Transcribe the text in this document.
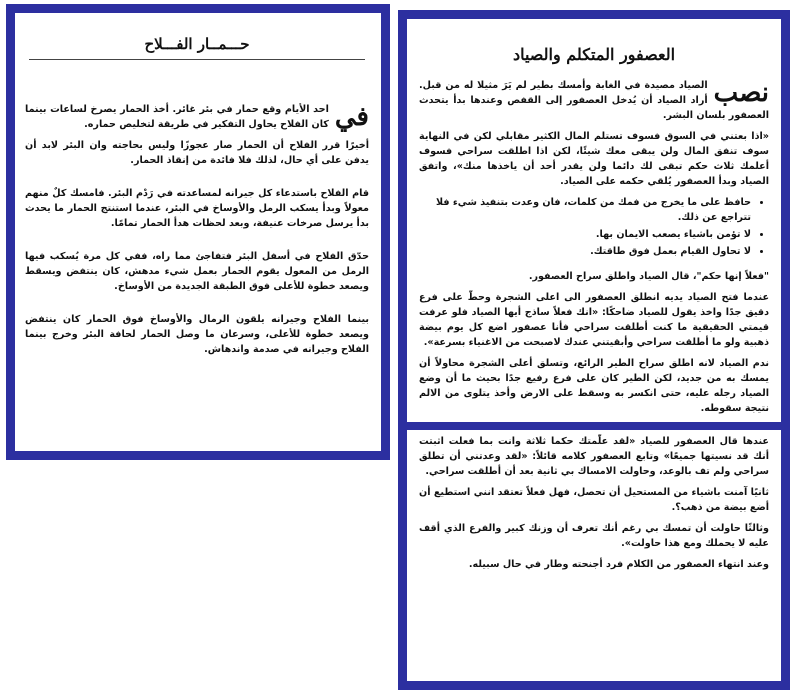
حـــمــار الفـــلاح
في

احد الأيام وقع حمار في بئر غائر. أخذ الحمار يصرخ لساعات بينما كان الفلاح يحاول التفكير في طريقة لتخليص حماره.

أخيرًا قرر الفلاح أن الحمار صار عجوزًا وليس بحاجته وان البئر لابد أن يدفن على أي حال، لذلك فلا فائدة من إنقاذ الحمار.

قام الفلاح باستدعاء كل جيرانه لمساعدته في رَدْم البئر. فامسك كلٌ منهم معولاً وبدأ يسكب الرمل والأوساخ في البئر، عندما استنتج الحمار ما يحدث بدأ يرسل صرخات عنيفة، وبعد لحظات هدأ الحمار تمامًا.

حدّق الفلاح في أسفل البئر فتفاجئ مما راه، ففي كل مرة يُسكب فيها الرمل من المعول يقوم الحمار بعمل شيء مدهش، كان ينتفض ويسقط ويصعد خطوة للأعلى فوق الطبقة الجديدة من الأوساخ.

بينما الفلاح وجيرانه يلقون الرمال والأوساخ فوق الحمار كان ينتفض ويصعد خطوة للأعلى، وسرعان ما وصل الحمار لحافة البئر وخرج بينما الفلاح وجيرانه في صدمة واندهاش.

العصفور المتكلم والصياد
نصب

الصياد مصيدة في الغابة وأمسك بطير لم يَرَ مثيلا له من قبل. أراد الصياد أن يُدخل العصفور إلى القفص وعندها بدأ يتحدث العصفور بلسان البشر.

«اذا بعتني في السوق فسوف تستلم المال الكثير مقابلي لكن في النهاية سوف تنفق المال ولن يبقى معك شيئًا، لكن اذا اطلقت سراحي فسوف أعلمك ثلاث حكم تبقى لك دائما ولن يقدر أحد أن ياخذها منك»، واتفق الصياد وبدأ العصفور يُلقي حكمه على الصياد.

• حافظ على ما يخرج من فمك من كلمات، فان وعدت بتنفيذ شيء فلا تتراجع عن ذلك.
• لا تؤمن باشياء يصعب الايمان بها.
• لا تحاول القيام بعمل فوق طاقتك.

"فعلاً إنها حكم"، قال الصياد واطلق سراح العصفور.

عندما فتح الصياد يديه انطلق العصفور الى اعلى الشجرة وحطّ على فرع دقيق جدًا واخذ يقول للصياد ضاحكًا: «انك فعلاً ساذج أيها الصياد فلو عرفت قيمتي الحقيقية ما كنت أطلقت سراحي فأنا عصفور اضع كل يوم بيضة ذهبية ولو ما أطلقت سراحي وأبقيتني عندك لاصبحت من الاغنياء بسرعة».

ندم الصياد لانه اطلق سراح الطير الرائع، وتسلق أعلى الشجرة محاولاً أن يمسك به من جديد، لكن الطير كان على فرع رفيع جدًا بحيث ما أن وضع الصياد رجله عليه، حتى انكسر به وسقط على الارض وأخذ يتلوى من الالم نتيجة سقوطه.

عندها قال العصفور للصياد «لقد علّمتك حكما ثلاثة وانت بما فعلت اثبتت أنك قد نسيتها جميعًا» وتابع العصفور كلامه قائلاً: «لقد وعدتني أن تطلق سراحي ولم تف بالوعد، وحاولت الامساك بي ثانية بعد أن أطلقت سراحي.

ثانيًا آمنت باشياء من المستحيل أن تحصل، فهل فعلاً تعتقد انني استطيع أن أضع بيضة من ذهب؟.

وثالثًا حاولت أن تمسك بي رغم أنك تعرف أن وزنك كبير والفرع الذي أقف عليه لا يحملك ومع هذا حاولت».

وعند انتهاء العصفور من الكلام فرد أجنحته وطار في حال سبيله.
